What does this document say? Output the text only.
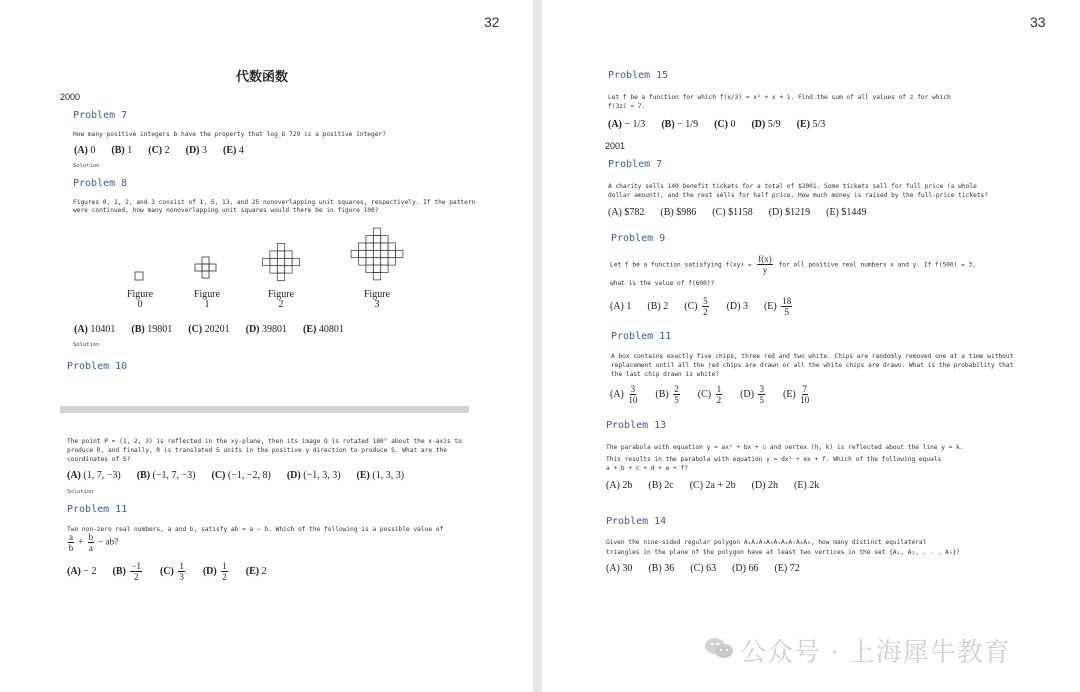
32
代数函数
2000
Problem 7
How many positive integers b have the property that log_b 729 is a positive integer?
(A) 0 (B) 1 (C) 2 (D) 3 (E) 4
Solution
Problem 8
Figures 0, 1, 2, and 3 consist of 1, 5, 13, and 25 nonoverlapping unit squares, respectively. If the pattern
were continued, how many nonoverlapping unit squares would there be in figure 100?
Figure
0
Figure
1
Figure
2
Figure
3
(A) 10401 (B) 19801 (C) 20201 (D) 39801 (E) 40801
Solution
Problem 10
The point P = (1, 2, 3) is reflected in the xy-plane, then its image Q is rotated 180° about the x-axis to
produce R, and finally, R is translated 5 units in the positive y direction to produce S. What are the
coordinates of S?
(A) (1, 7, −3) (B) (−1, 7, −3) (C) (−1, −2, 8) (D) (−1, 3, 3) (E) (1, 3, 3)
Solution
Problem 11
Two non-zero real numbers, a and b, satisfy ab = a − b. Which of the following is a possible value of
$\frac{a}{b} + \frac{b}{a}$ − ab?
(A) − 2 $(B) \frac{-1}{2} (C) \frac{1}{3} (D) \frac{1}{2} (E)$ 2
33
Problem 15
Let f be a function for which f(x/3) = x² + x + 1. Find the sum of all values of z for which
f(3z) = 7.
(A) − 1/3 (B) − 1/9 (C) 0 (D) 5/9 (E) 5/3
2001
Problem 7
A charity sells 140 benefit tickets for a total of $2001. Some tickets sell for full price (a whole
dollar amount), and the rest sells for half price. How much money is raised by the full-price tickets?
(A) $782 (B) $986 (C) $1158 (D) $1219 (E) $1449
Problem 9
Let f be a function satisfying $f(xy) = \frac{f(x)}{y}$ for all positive real numbers x and y. If f(500) = 3,
what is the value of f(600)?
(A) 1 (B) 2 $(C) \frac{5}{2} (D)$ 3 $(E) \frac{18}{5}$
Problem 11
A box contains exactly five chips, three red and two white. Chips are randomly removed one at a time without
replacement until all the red chips are drawn or all the white chips are drawn. What is the probability that
the last chip drawn is white?
$(A) \frac{3}{10} (B) \frac{2}{5} (C) \frac{1}{2} (D) \frac{3}{5} (E) \frac{7}{10}$
Problem 13
The parabola with equation y = ax² + bx + c and vertex (h, k) is reflected about the line y = k.
This results in the parabola with equation y = dx² + ex + f. Which of the following equals
a + b + c + d + e + f?
(A) 2b (B) 2c (C) 2a + 2b (D) 2h (E) 2k
Problem 14
Given the nine-sided regular polygon A₁A₂A₃A₄A₅A₆A₇A₈A₉, how many distinct equilateral
triangles in the plane of the polygon have at least two vertices in the set {A₁, A₂, . . . A₉}?
(A) 30 (B) 36 (C) 63 (D) 66 (E) 72
公众号 · 上海犀牛教育
